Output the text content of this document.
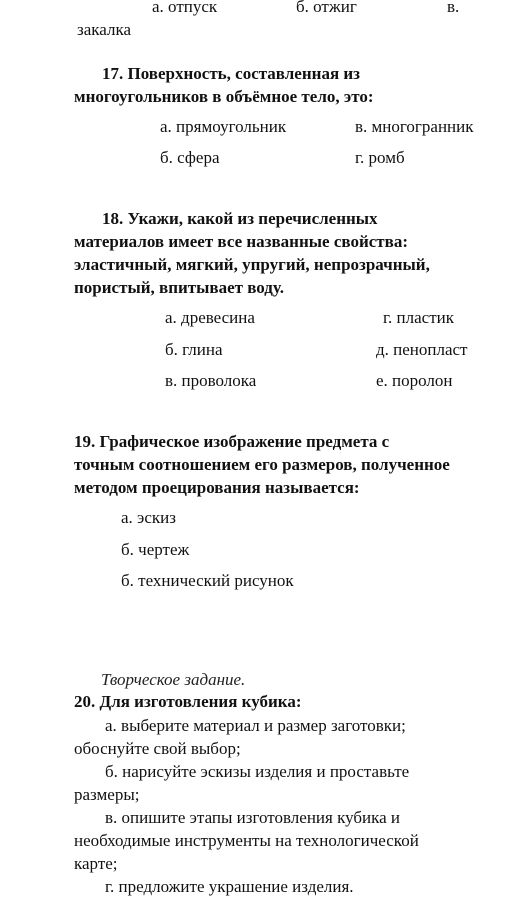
а. отпуск	б. отжиг	в.
закалка
17. Поверхность, составленная из
многоугольников в объёмное тело, это:
а. прямоугольник	в. многогранник
б. сфера	г. ромб
18. Укажи, какой из перечисленных
материалов имеет все названные свойства:
эластичный, мягкий, упругий, непрозрачный,
пористый, впитывает воду.
а. древесина	г. пластик
б. глина	д. пенопласт
в. проволока	е. поролон
19. Графическое изображение предмета с
точным соотношением его размеров, полученное
методом проецирования называется:
а. эскиз
б. чертеж
б. технический рисунок
Творческое задание.
20. Для изготовления кубика:
а. выберите материал и размер заготовки;
обоснуйте свой выбор;
б. нарисуйте эскизы изделия и проставьте
размеры;
в. опишите этапы изготовления кубика и
необходимые инструменты на технологической
карте;
г. предложите украшение изделия.
